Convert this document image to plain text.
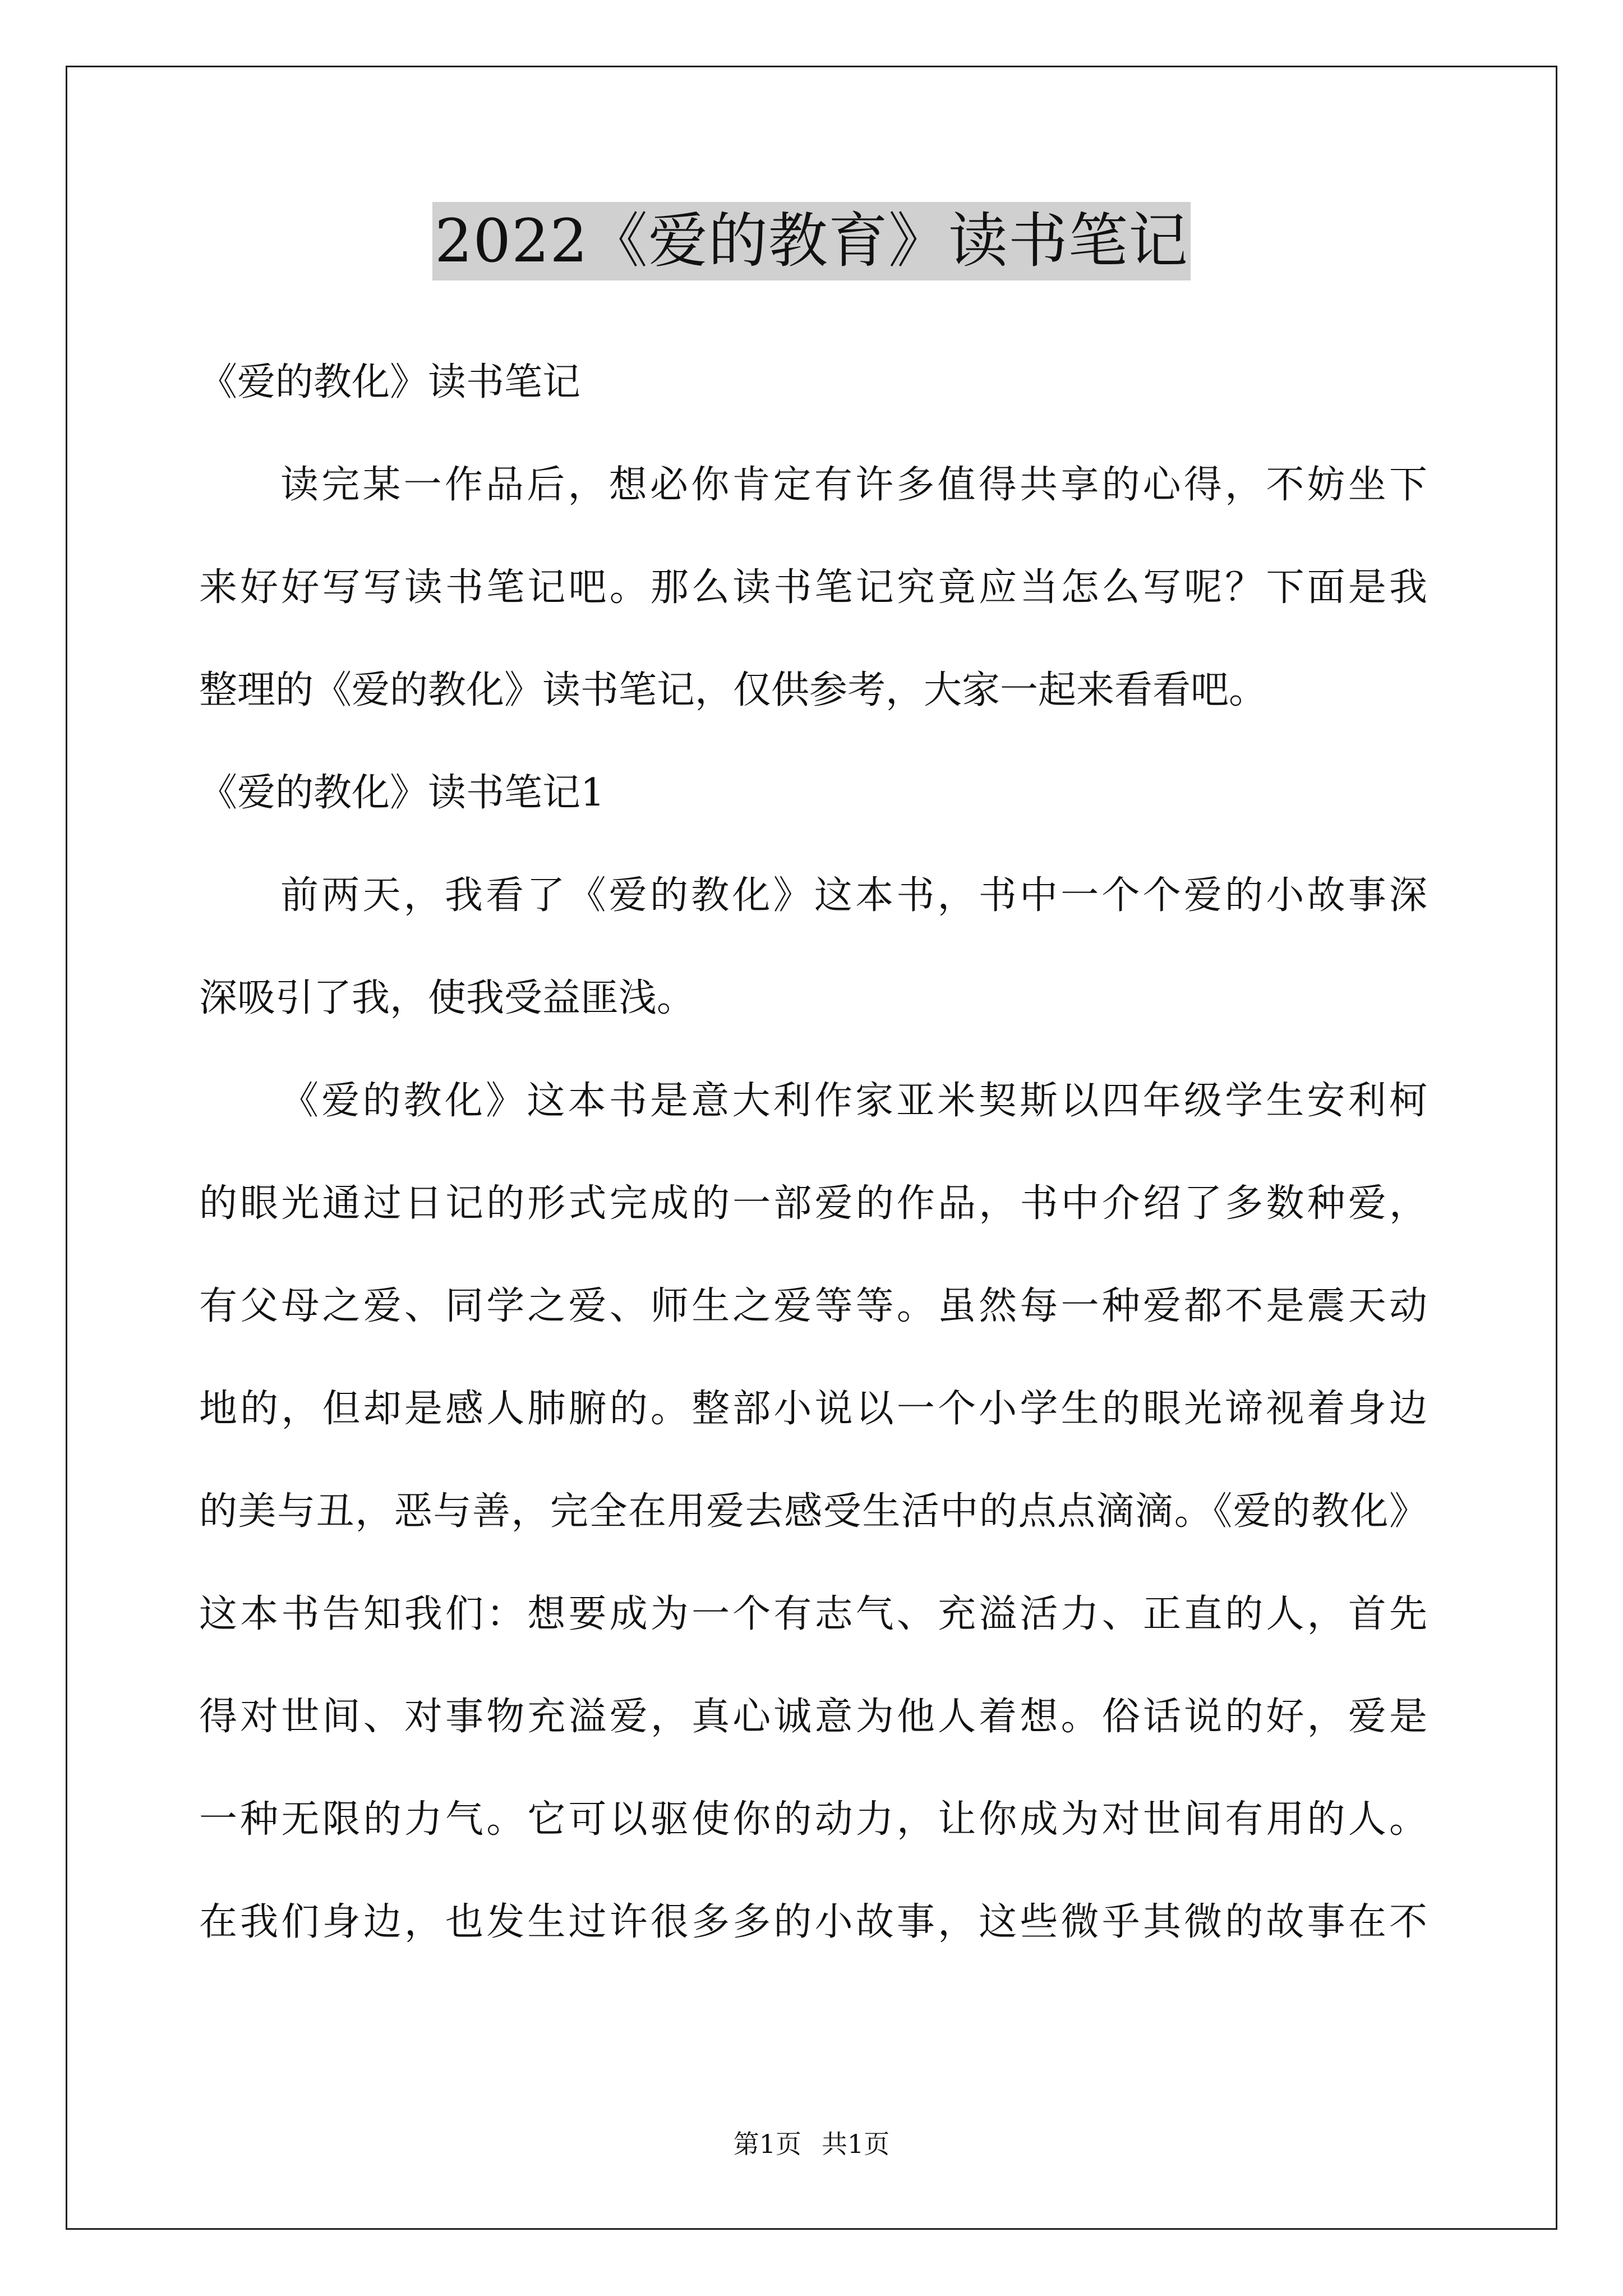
2022《爱的教育》读书笔记
《爱的教化》读书笔记
读完某一作品后，想必你肯定有许多值得共享的心得，不妨坐下
来好好写写读书笔记吧。那么读书笔记究竟应当怎么写呢？下面是我
整理的《爱的教化》读书笔记，仅供参考，大家一起来看看吧。
《爱的教化》读书笔记1
前两天，我看了《爱的教化》这本书，书中一个个爱的小故事深
深吸引了我，使我受益匪浅。
《爱的教化》这本书是意大利作家亚米契斯以四年级学生安利柯
的眼光通过日记的形式完成的一部爱的作品，书中介绍了多数种爱，
有父母之爱、同学之爱、师生之爱等等。虽然每一种爱都不是震天动
地的，但却是感人肺腑的。整部小说以一个小学生的眼光谛视着身边
的美与丑，恶与善，完全在用爱去感受生活中的点点滴滴。《爱的教化》
这本书告知我们：想要成为一个有志气、充溢活力、正直的人，首先
得对世间、对事物充溢爱，真心诚意为他人着想。俗话说的好，爱是
一种无限的力气。它可以驱使你的动力，让你成为对世间有用的人。
在我们身边，也发生过许很多多的小故事，这些微乎其微的故事在不
第1页 共1页
